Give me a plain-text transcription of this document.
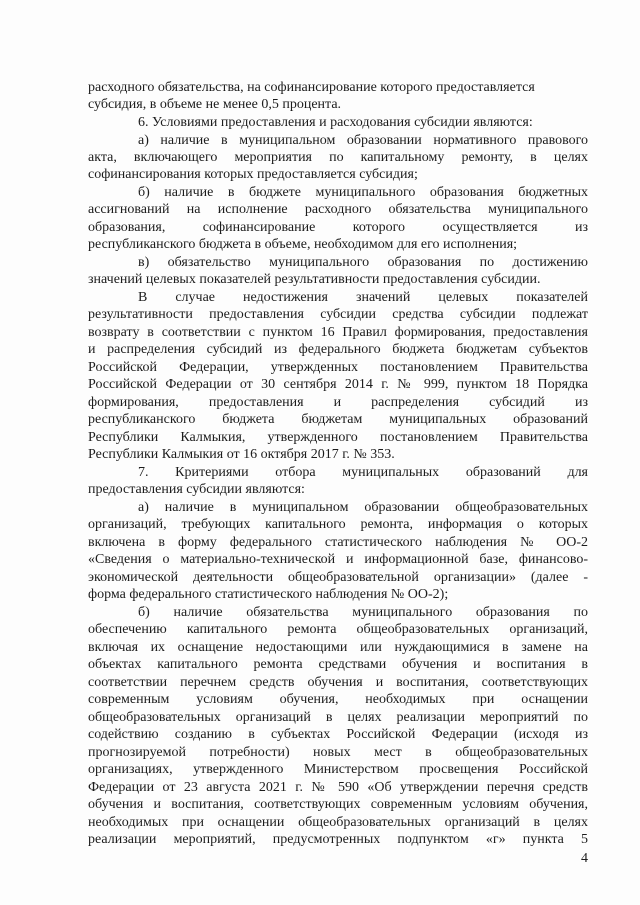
расходного обязательства, на софинансирование которого предоставляется
субсидия, в объеме не менее 0,5 процента.
6. Условиями предоставления и расходования субсидии являются:
а) наличие в муниципальном образовании нормативного правового
акта, включающего мероприятия по капитальному ремонту, в целях
софинансирования которых предоставляется субсидия;
б) наличие в бюджете муниципального образования бюджетных
ассигнований на исполнение расходного обязательства муниципального
образования, софинансирование которого осуществляется из
республиканского бюджета в объеме, необходимом для его исполнения;
в) обязательство муниципального образования по достижению
значений целевых показателей результативности предоставления субсидии.
В случае недостижения значений целевых показателей
результативности предоставления субсидии средства субсидии подлежат
возврату в соответствии с пунктом 16 Правил формирования, предоставления
и распределения субсидий из федерального бюджета бюджетам субъектов
Российской Федерации, утвержденных постановлением Правительства
Российской Федерации от 30 сентября 2014 г. № 999, пунктом 18 Порядка
формирования, предоставления и распределения субсидий из
республиканского бюджета бюджетам муниципальных образований
Республики Калмыкия, утвержденного постановлением Правительства
Республики Калмыкия от 16 октября 2017 г. № 353.
7. Критериями отбора муниципальных образований для
предоставления субсидии являются:
а) наличие в муниципальном образовании общеобразовательных
организаций, требующих капитального ремонта, информация о которых
включена в форму федерального статистического наблюдения № ОО-2
«Сведения о материально-технической и информационной базе, финансово-
экономической деятельности общеобразовательной организации» (далее -
форма федерального статистического наблюдения № ОО-2);
б) наличие обязательства муниципального образования по
обеспечению капитального ремонта общеобразовательных организаций,
включая их оснащение недостающими или нуждающимися в замене на
объектах капитального ремонта средствами обучения и воспитания в
соответствии перечнем средств обучения и воспитания, соответствующих
современным условиям обучения, необходимых при оснащении
общеобразовательных организаций в целях реализации мероприятий по
содействию созданию в субъектах Российской Федерации (исходя из
прогнозируемой потребности) новых мест в общеобразовательных
организациях, утвержденного Министерством просвещения Российской
Федерации от 23 августа 2021 г. № 590 «Об утверждении перечня средств
обучения и воспитания, соответствующих современным условиям обучения,
необходимых при оснащении общеобразовательных организаций в целях
реализации мероприятий, предусмотренных подпунктом «г» пункта 5
4
